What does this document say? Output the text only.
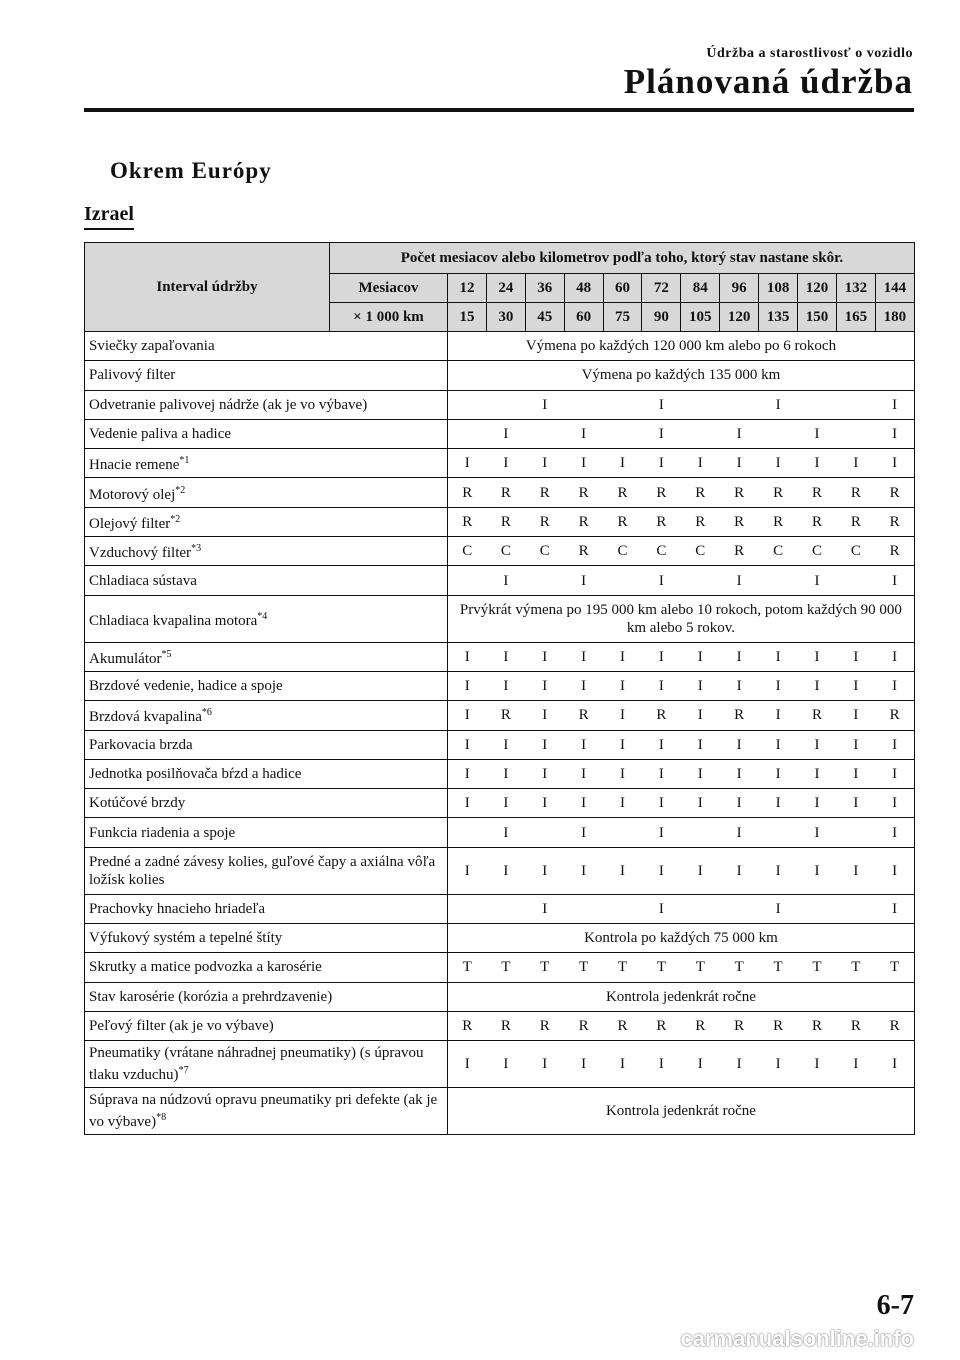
Údržba a starostlivosť o vozidlo
Plánovaná údržba
Okrem Európy
Izrael
Interval údržby	Počet mesiacov alebo kilometrov podľa toho, ktorý stav nastane skôr.												
	Mesiacov	12	24	36	48	60	72	84	96	108	120	132	144
	× 1 000 km	15	30	45	60	75	90	105	120	135	150	165	180
Sviečky zapaľovania		Výmena po každých 120 000 km alebo po 6 rokoch											
Palivový filter		Výmena po každých 135 000 km											
Odvetranie palivovej nádrže (ak je vo výbave)				I			I			I			I
Vedenie paliva a hadice			I		I		I		I		I		I
Hnacie remene$^{*1}$		I	I	I	I	I	I	I	I	I	I	I	I
Motorový olej$^{*2}$		R	R	R	R	R	R	R	R	R	R	R	R
Olejový filter$^{*2}$		R	R	R	R	R	R	R	R	R	R	R	R
Vzduchový filter$^{*3}$		C	C	C	R	C	C	C	R	C	C	C	R
Chladiaca sústava			I		I		I		I		I		I
Chladiaca kvapalina motora$^{*4}$		Prvýkrát výmena po 195 000 km alebo 10 rokoch, potom každých 90 000 km alebo 5 rokov.											
Akumulátor$^{*5}$		I	I	I	I	I	I	I	I	I	I	I	I
Brzdové vedenie, hadice a spoje		I	I	I	I	I	I	I	I	I	I	I	I
Brzdová kvapalina$^{*6}$		I	R	I	R	I	R	I	R	I	R	I	R
Parkovacia brzda		I	I	I	I	I	I	I	I	I	I	I	I
Jednotka posilňovača bŕzd a hadice		I	I	I	I	I	I	I	I	I	I	I	I
Kotúčové brzdy		I	I	I	I	I	I	I	I	I	I	I	I
Funkcia riadenia a spoje			I		I		I		I		I		I
Predné a zadné závesy kolies, guľové čapy a axiálna vôľa ložísk kolies		I	I	I	I	I	I	I	I	I	I	I	I
Prachovky hnacieho hriadeľa				I			I			I			I
Výfukový systém a tepelné štíty		Kontrola po každých 75 000 km											
Skrutky a matice podvozka a karosérie		T	T	T	T	T	T	T	T	T	T	T	T
Stav karosérie (korózia a prehrdzavenie)		Kontrola jedenkrát ročne											
Peľový filter (ak je vo výbave)		R	R	R	R	R	R	R	R	R	R	R	R
Pneumatiky (vrátane náhradnej pneumatiky) (s úpravou tlaku vzduchu)$^{*7}$		I	I	I	I	I	I	I	I	I	I	I	I
Súprava na núdzovú opravu pneumatiky pri defekte (ak je vo výbave)$^{*8}$		Kontrola jedenkrát ročne											
6-7
carmanualsonline.info
